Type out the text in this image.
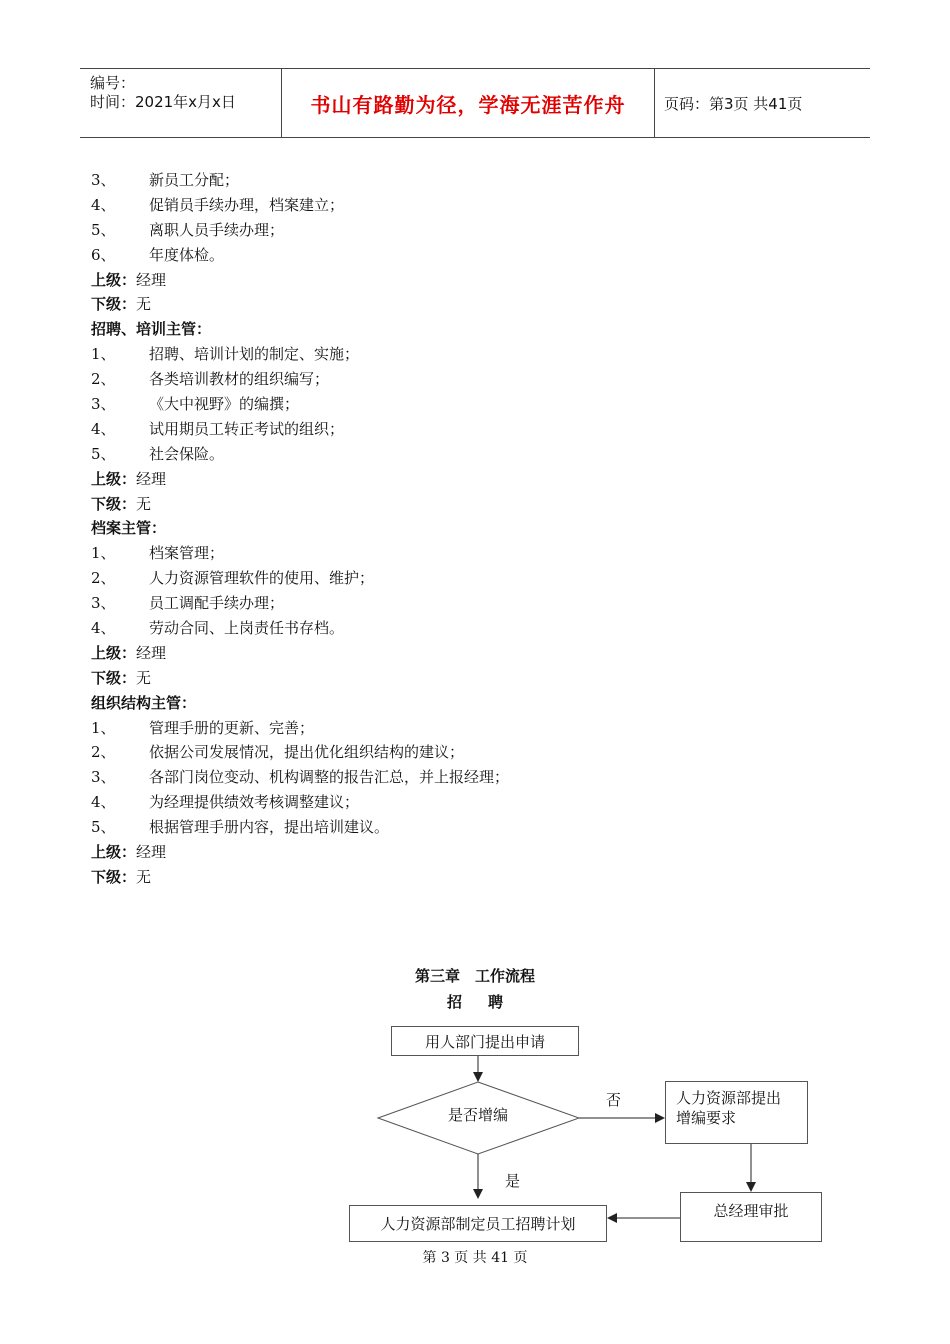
编号：
时间：2021年x月x日	书山有路勤为径，学海无涯苦作舟	页码：第3页 共41页
3、 新员工分配；
4、 促销员手续办理，档案建立；
5、 离职人员手续办理；
6、 年度体检。
上级：经理
下级：无
招聘、培训主管：
1、 招聘、培训计划的制定、实施；
2、 各类培训教材的组织编写；
3、 《大中视野》的编撰；
4、 试用期员工转正考试的组织；
5、 社会保险。
上级：经理
下级：无
档案主管：
1、 档案管理；
2、 人力资源管理软件的使用、维护；
3、 员工调配手续办理；
4、 劳动合同、上岗责任书存档。
上级：经理
下级：无
组织结构主管：
1、 管理手册的更新、完善；
2、 依据公司发展情况，提出优化组织结构的建议；
3、 各部门岗位变动、机构调整的报告汇总，并上报经理；
4、 为经理提供绩效考核调整建议；
5、 根据管理手册内容，提出培训建议。
上级：经理
下级：无
第三章　工作流程
招聘
用人部门提出申请
是否增编
否	人力资源部提出
增编要求
是
总经理审批
人力资源部制定员工招聘计划
第 3 页 共 41 页
